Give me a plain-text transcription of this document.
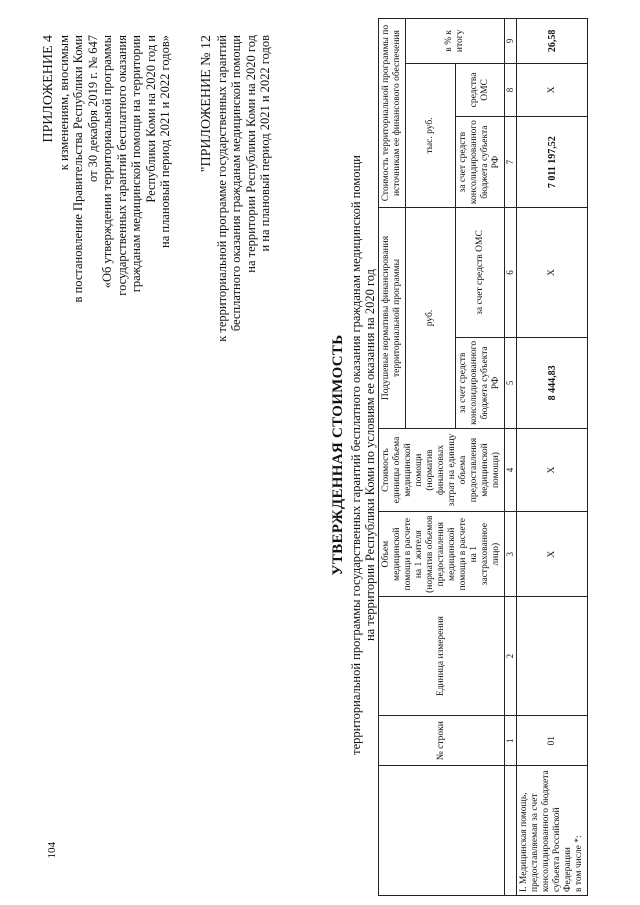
104
ПРИЛОЖЕНИЕ 4 к изменениям, вносимым в постановление Правительства Республики Коми от 30 декабря 2019 г. № 647 «Об утверждении территориальной программы государственных гарантий бесплатного оказания гражданам медицинской помощи на территории Республики Коми на 2020 год и на плановый период 2021 и 2022 годов» "ПРИЛОЖЕНИЕ № 12 к территориальной программе государственных гарантий бесплатного оказания гражданам медицинской помощи на территории Республики Коми на 2020 год и на плановый период 2021 и 2022 годов
УТВЕРЖДЕННАЯ СТОИМОСТЬ территориальной программы государственных гарантий бесплатного оказания гражданам медицинской помощи на территории Республики Коми по условиям ее оказания на 2020 год
	№ строки	Единица измерения	Объем медицинской помощи в расчете на 1 жителя (норматив объемов предоставления медицинской помощи в расчете на 1 застрахованное лицо)	Стоимость единицы объема медицинской помощи (норматив финансовых затрат на единицу объема предоставления медицинской помощи)	Подушевые нормативы финансирования территориальной программы		Стоимость территориальной программы по источникам ее финансового обеспечения		
					руб.		тыс. руб.		в % к итогу
					за счет средств консолидированного бюджета субъекта РФ	за счет средств ОМС	за счет средств консолидированного бюджета субъекта РФ	средства ОМС	
	1	2	3	4	5	6	7	8	9

I. Медицинская помощь, предоставляемая за счет консолидированного бюджета субъекта Российской Федерации в том числе *:	01		Х	Х	8 444,83	Х	7 011 197,52	Х	26,58
